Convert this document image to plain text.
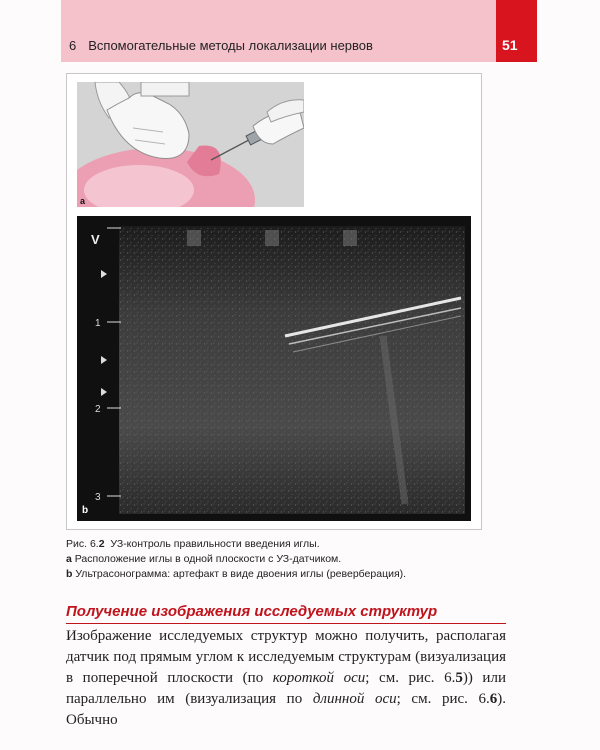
6 Вспомогательные методы локализации нервов	51
a
V
1
2
3
b
Рис. 6.2 УЗ-контроль правильности введения иглы.
a Расположение иглы в одной плоскости с УЗ-датчиком.
b Ультрасонограмма: артефакт в виде двоения иглы (реверберация).
Получение изображения исследуемых структур
Изображение исследуемых структур можно получить, располагая датчик под прямым углом к исследуемым структурам (визуализация в поперечной плоскости (по короткой оси; см. рис. 6.5)) или параллельно им (визуализация по длинной оси; см. рис. 6.6). Обычно
